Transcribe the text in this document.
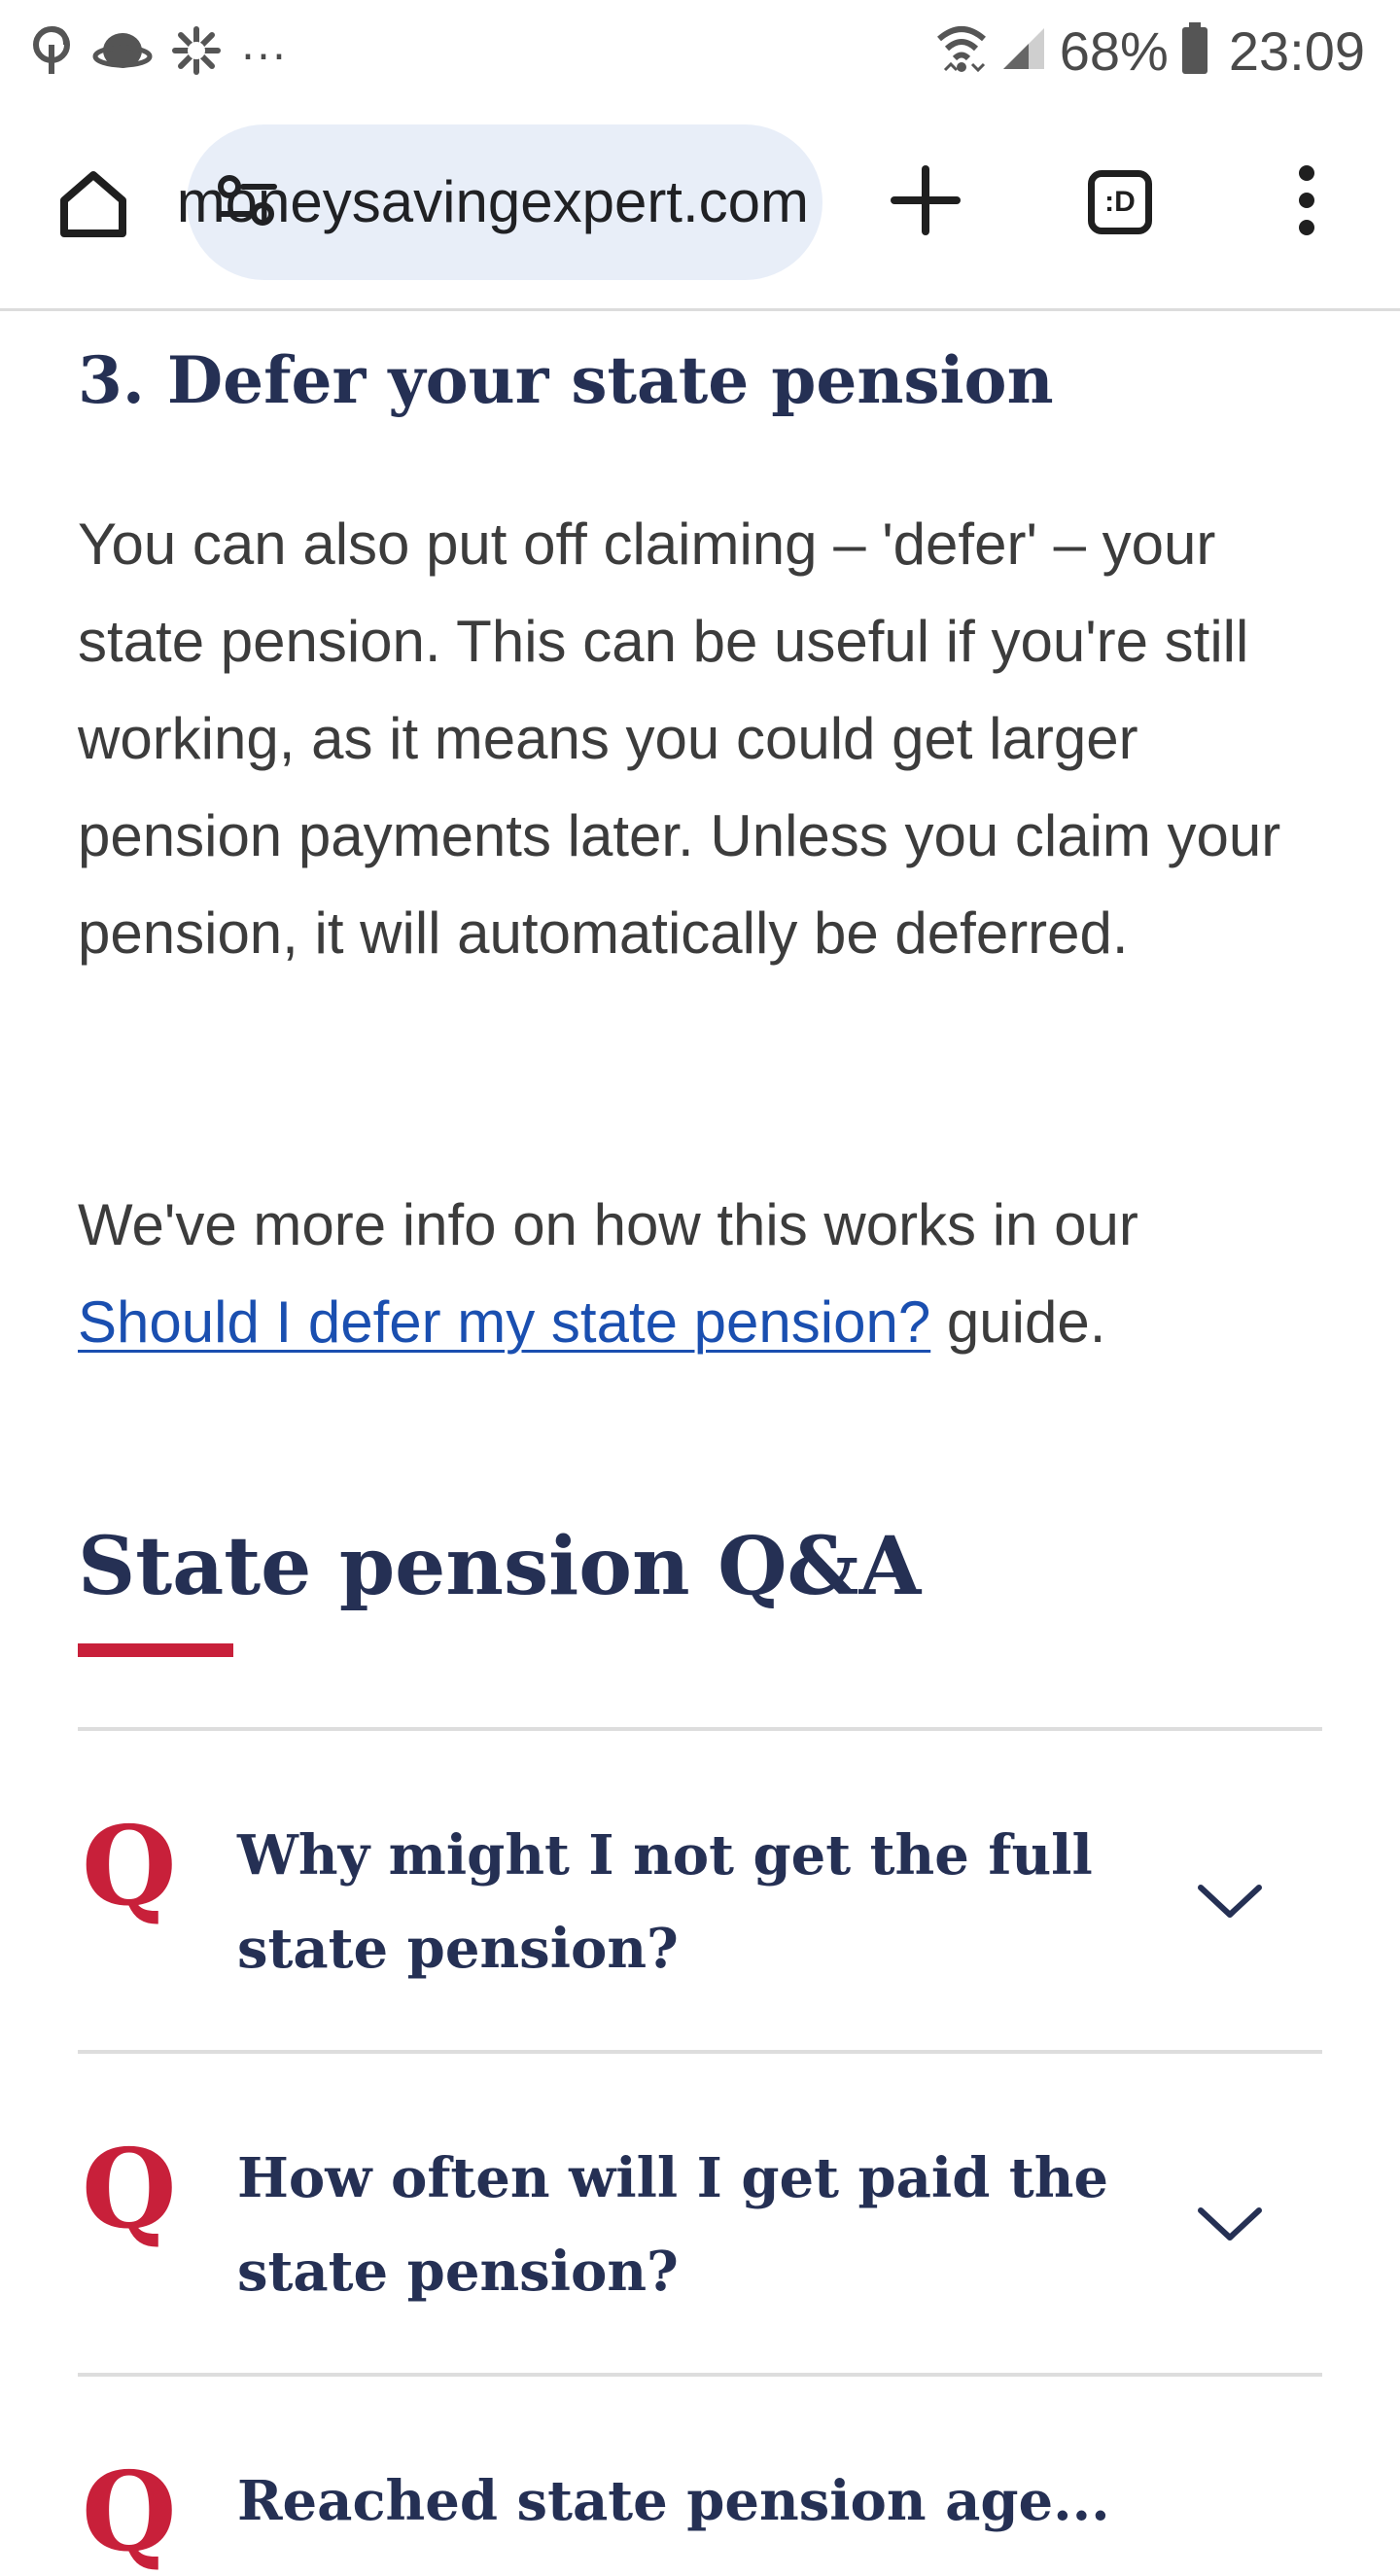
...	68% 23:09
moneysavingexpert.com	:D
3. Defer your state pension

You can also put off claiming – 'defer' – your state pension. This can be useful if you're still working, as it means you could get larger pension payments later. Unless you claim your pension, it will automatically be deferred.

We've more info on how this works in our Should I defer my state pension? guide.

State pension Q&A
Q Why might I not get the full state pension?
Q How often will I get paid the state pension?
Q Reached state pension age...
